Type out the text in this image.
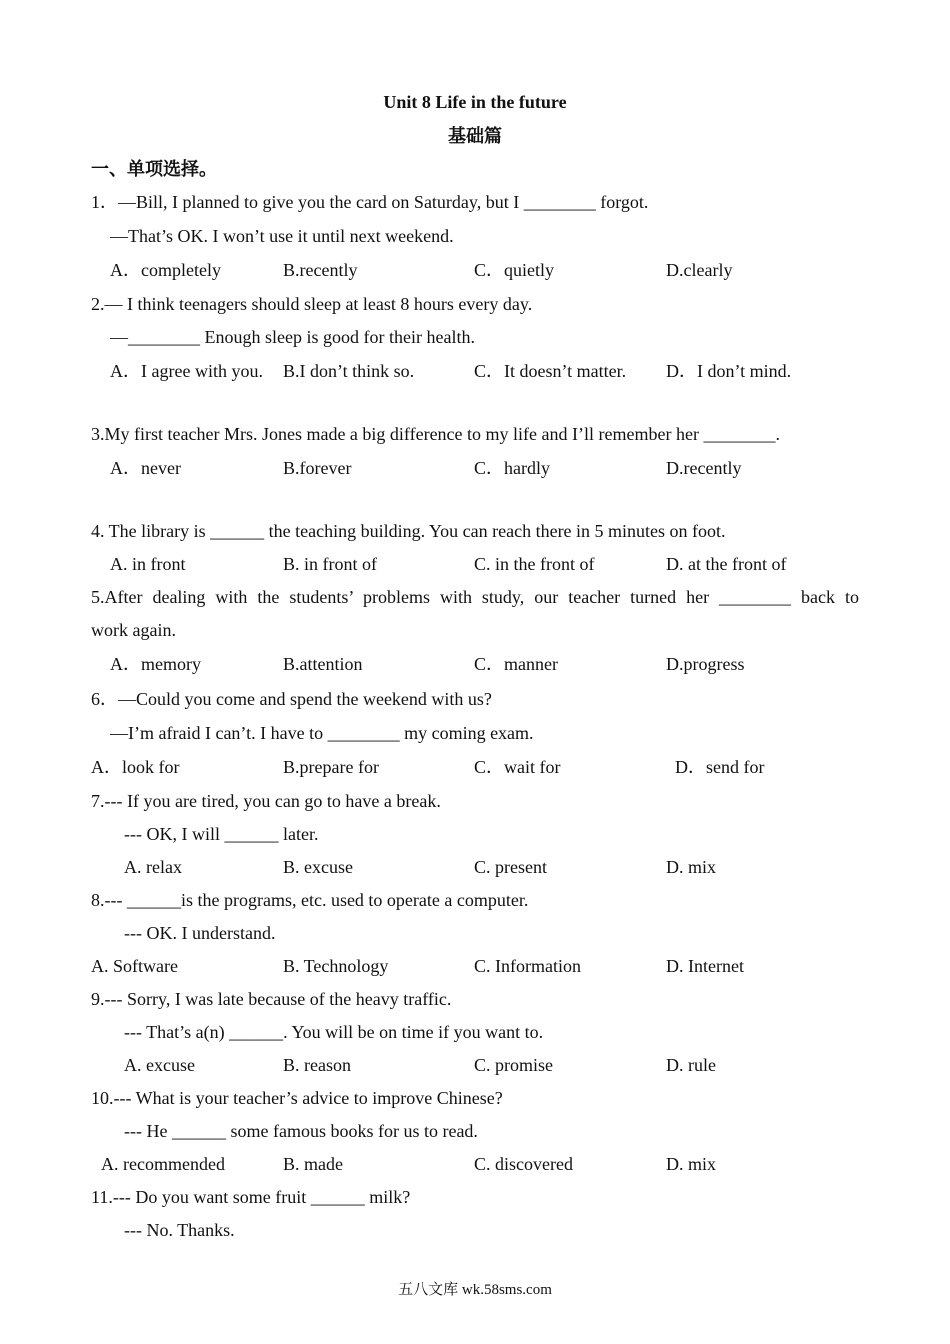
Unit 8 Life in the future
基础篇
一、单项选择。
1．—Bill, I planned to give you the card on Saturday, but I ________ forgot.
—That’s OK. I won’t use it until next weekend.
A．completely	B.recently	C．quietly	D.clearly
2.— I think teenagers should sleep at least 8 hours every day.
—________ Enough sleep is good for their health.
A．I agree with you. B.I don’t think so.	C．It doesn’t matter. D．I don’t mind.
3.My first teacher Mrs. Jones made a big difference to my life and I’ll remember her ________.
A．never	B.forever	C．hardly	D.recently
4. The library is ______ the teaching building. You can reach there in 5 minutes on foot.
A. in front	B. in front of	C. in the front of	D. at the front of
5.After dealing with the students’ problems with study, our teacher turned her ________ back to
work again.
A．memory	B.attention	C．manner	D.progress
6．—Could you come and spend the weekend with us?
—I’m afraid I can’t. I have to ________ my coming exam.
A．look for	B.prepare for	C．wait for	D．send for
7.--- If you are tired, you can go to have a break.
--- OK, I will ______ later.
A. relax	B. excuse	C. present	D. mix
8.--- ______is the programs, etc. used to operate a computer.
--- OK. I understand.
A. Software	B. Technology	C. Information	D. Internet
9.--- Sorry, I was late because of the heavy traffic.
--- That’s a(n) ______. You will be on time if you want to.
A. excuse	B. reason	C. promise	D. rule
10.--- What is your teacher’s advice to improve Chinese?
--- He ______ some famous books for us to read.
A. recommended	B. made	C. discovered	D. mix
11.--- Do you want some fruit ______ milk?
--- No. Thanks.
五八文库 wk.58sms.com
